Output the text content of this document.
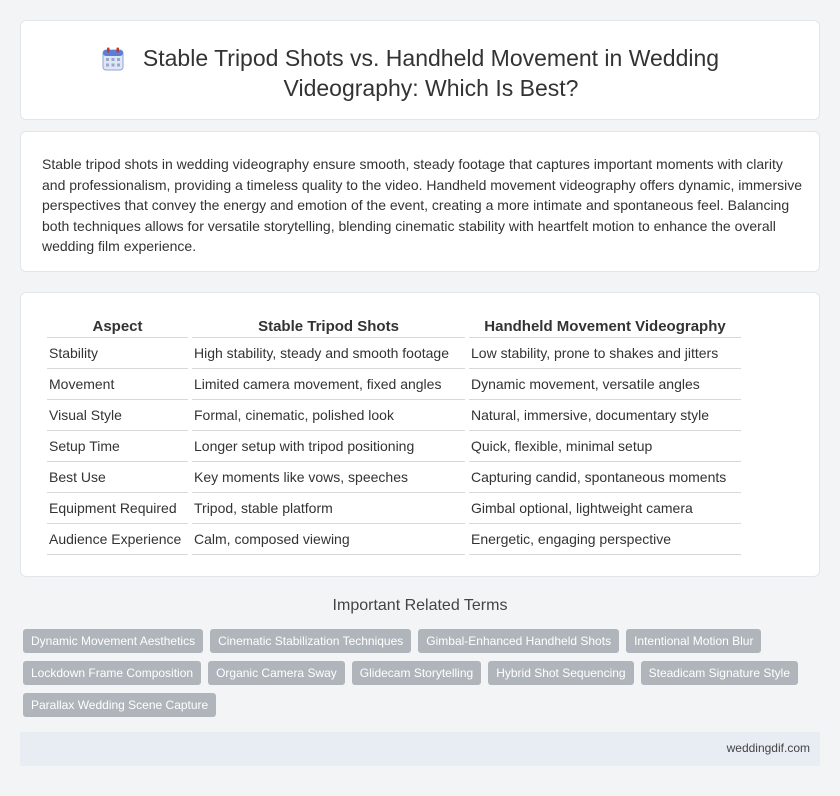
Stable Tripod Shots vs. Handheld Movement in Wedding Videography: Which Is Best?

Stable tripod shots in wedding videography ensure smooth, steady footage that captures important moments with clarity and professionalism, providing a timeless quality to the video. Handheld movement videography offers dynamic, immersive perspectives that convey the energy and emotion of the event, creating a more intimate and spontaneous feel. Balancing both techniques allows for versatile storytelling, blending cinematic stability with heartfelt motion to enhance the overall wedding film experience.

Aspect	Stable Tripod Shots	Handheld Movement Videography
Stability	High stability, steady and smooth footage	Low stability, prone to shakes and jitters
Movement	Limited camera movement, fixed angles	Dynamic movement, versatile angles
Visual Style	Formal, cinematic, polished look	Natural, immersive, documentary style
Setup Time	Longer setup with tripod positioning	Quick, flexible, minimal setup
Best Use	Key moments like vows, speeches	Capturing candid, spontaneous moments
Equipment Required	Tripod, stable platform	Gimbal optional, lightweight camera
Audience Experience	Calm, composed viewing	Energetic, engaging perspective
Important Related Terms
Dynamic Movement Aesthetics	Cinematic Stabilization Techniques	Gimbal-Enhanced Handheld Shots	Intentional Motion Blur
Lockdown Frame Composition	Organic Camera Sway	Glidecam Storytelling	Hybrid Shot Sequencing	Steadicam Signature Style
Parallax Wedding Scene Capture
weddingdif.com
